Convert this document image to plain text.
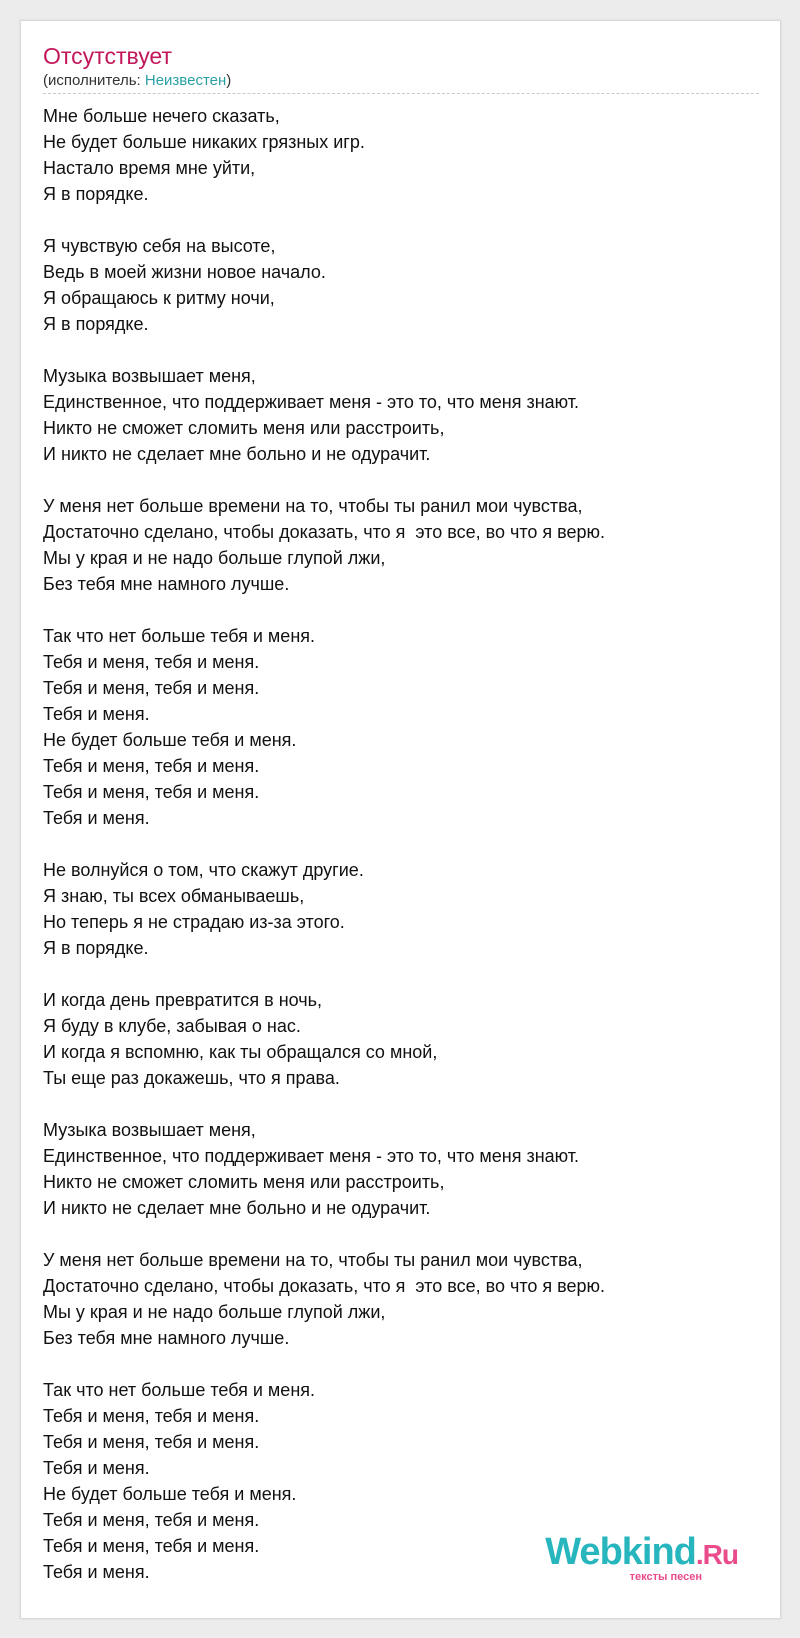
Отсутствует
(исполнитель: Неизвестен)
Мне больше нечего сказать,
Не будет больше никаких грязных игр.
Настало время мне уйти,
Я в порядке.
Я чувствую себя на высоте,
Ведь в моей жизни новое начало.
Я обращаюсь к ритму ночи,
Я в порядке.
Музыка возвышает меня,
Единственное, что поддерживает меня - это то, что меня знают.
Никто не сможет сломить меня или расстроить,
И никто не сделает мне больно и не одурачит.
У меня нет больше времени на то, чтобы ты ранил мои чувства,
Достаточно сделано, чтобы доказать, что я  это все, во что я верю.
Мы у края и не надо больше глупой лжи,
Без тебя мне намного лучше.
Так что нет больше тебя и меня.
Тебя и меня, тебя и меня.
Тебя и меня, тебя и меня.
Тебя и меня.
Не будет больше тебя и меня.
Тебя и меня, тебя и меня.
Тебя и меня, тебя и меня.
Тебя и меня.
Не волнуйся о том, что скажут другие.
Я знаю, ты всех обманываешь,
Но теперь я не страдаю из-за этого.
Я в порядке.
И когда день превратится в ночь,
Я буду в клубе, забывая о нас.
И когда я вспомню, как ты обращался со мной,
Ты еще раз докажешь, что я права.
Музыка возвышает меня,
Единственное, что поддерживает меня - это то, что меня знают.
Никто не сможет сломить меня или расстроить,
И никто не сделает мне больно и не одурачит.
У меня нет больше времени на то, чтобы ты ранил мои чувства,
Достаточно сделано, чтобы доказать, что я  это все, во что я верю.
Мы у края и не надо больше глупой лжи,
Без тебя мне намного лучше.
Так что нет больше тебя и меня.
Тебя и меня, тебя и меня.
Тебя и меня, тебя и меня.
Тебя и меня.
Не будет больше тебя и меня.
Тебя и меня, тебя и меня.
Тебя и меня, тебя и меня.
Тебя и меня.	Webkind.Ru
тексты песен
